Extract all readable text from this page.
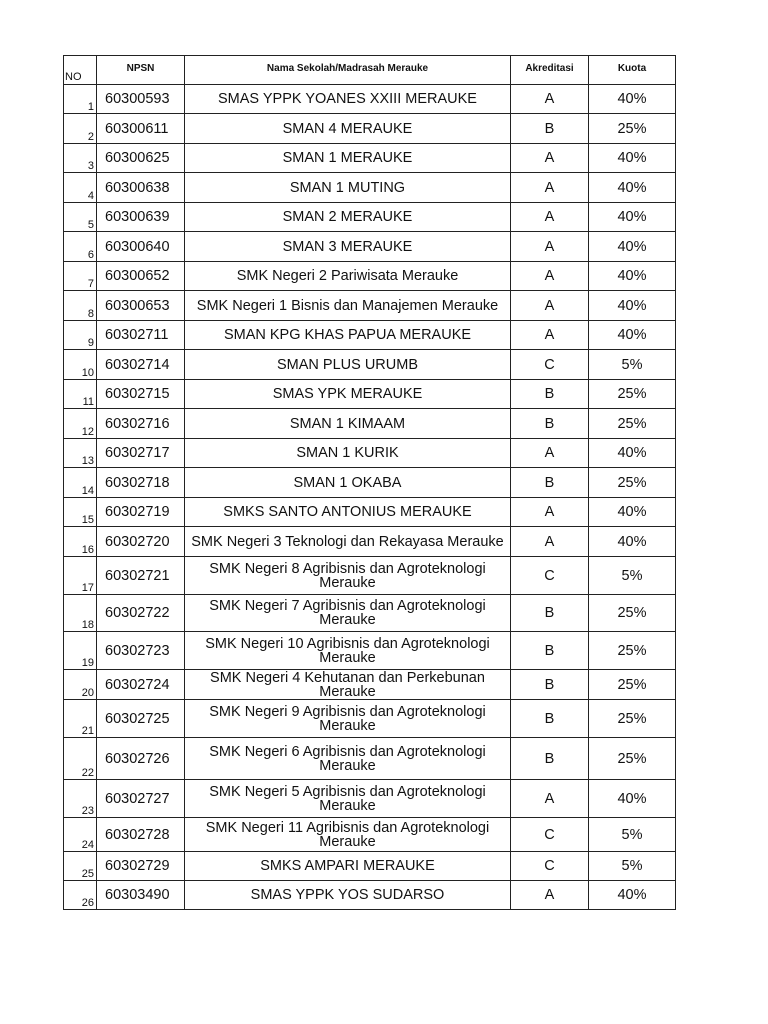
NO	NPSN	Nama Sekolah/Madrasah Merauke	Akreditasi	Kuota
1	60300593	SMAS YPPK YOANES XXIII MERAUKE	A	40%
2	60300611	SMAN 4 MERAUKE	B	25%
3	60300625	SMAN 1 MERAUKE	A	40%
4	60300638	SMAN 1 MUTING	A	40%
5	60300639	SMAN 2 MERAUKE	A	40%
6	60300640	SMAN 3 MERAUKE	A	40%
7	60300652	SMK Negeri 2 Pariwisata Merauke	A	40%
8	60300653	SMK Negeri 1 Bisnis dan Manajemen Merauke	A	40%
9	60302711	SMAN KPG KHAS PAPUA MERAUKE	A	40%
10	60302714	SMAN PLUS URUMB	C	5%
11	60302715	SMAS YPK MERAUKE	B	25%
12	60302716	SMAN 1 KIMAAM	B	25%
13	60302717	SMAN 1 KURIK	A	40%
14	60302718	SMAN 1 OKABA	B	25%
15	60302719	SMKS SANTO ANTONIUS MERAUKE	A	40%
16	60302720	SMK Negeri 3 Teknologi dan Rekayasa Merauke	A	40%
17	60302721	SMK Negeri 8 Agribisnis dan Agroteknologi Merauke	C	5%
18	60302722	SMK Negeri 7 Agribisnis dan Agroteknologi Merauke	B	25%
19	60302723	SMK Negeri 10 Agribisnis dan Agroteknologi Merauke	B	25%
20	60302724	SMK Negeri 4 Kehutanan dan Perkebunan Merauke	B	25%
21	60302725	SMK Negeri 9 Agribisnis dan Agroteknologi Merauke	B	25%
22	60302726	SMK Negeri 6 Agribisnis dan Agroteknologi Merauke	B	25%
23	60302727	SMK Negeri 5 Agribisnis dan Agroteknologi Merauke	A	40%
24	60302728	SMK Negeri 11 Agribisnis dan Agroteknologi Merauke	C	5%
25	60302729	SMKS AMPARI MERAUKE	C	5%
26	60303490	SMAS YPPK YOS SUDARSO	A	40%
